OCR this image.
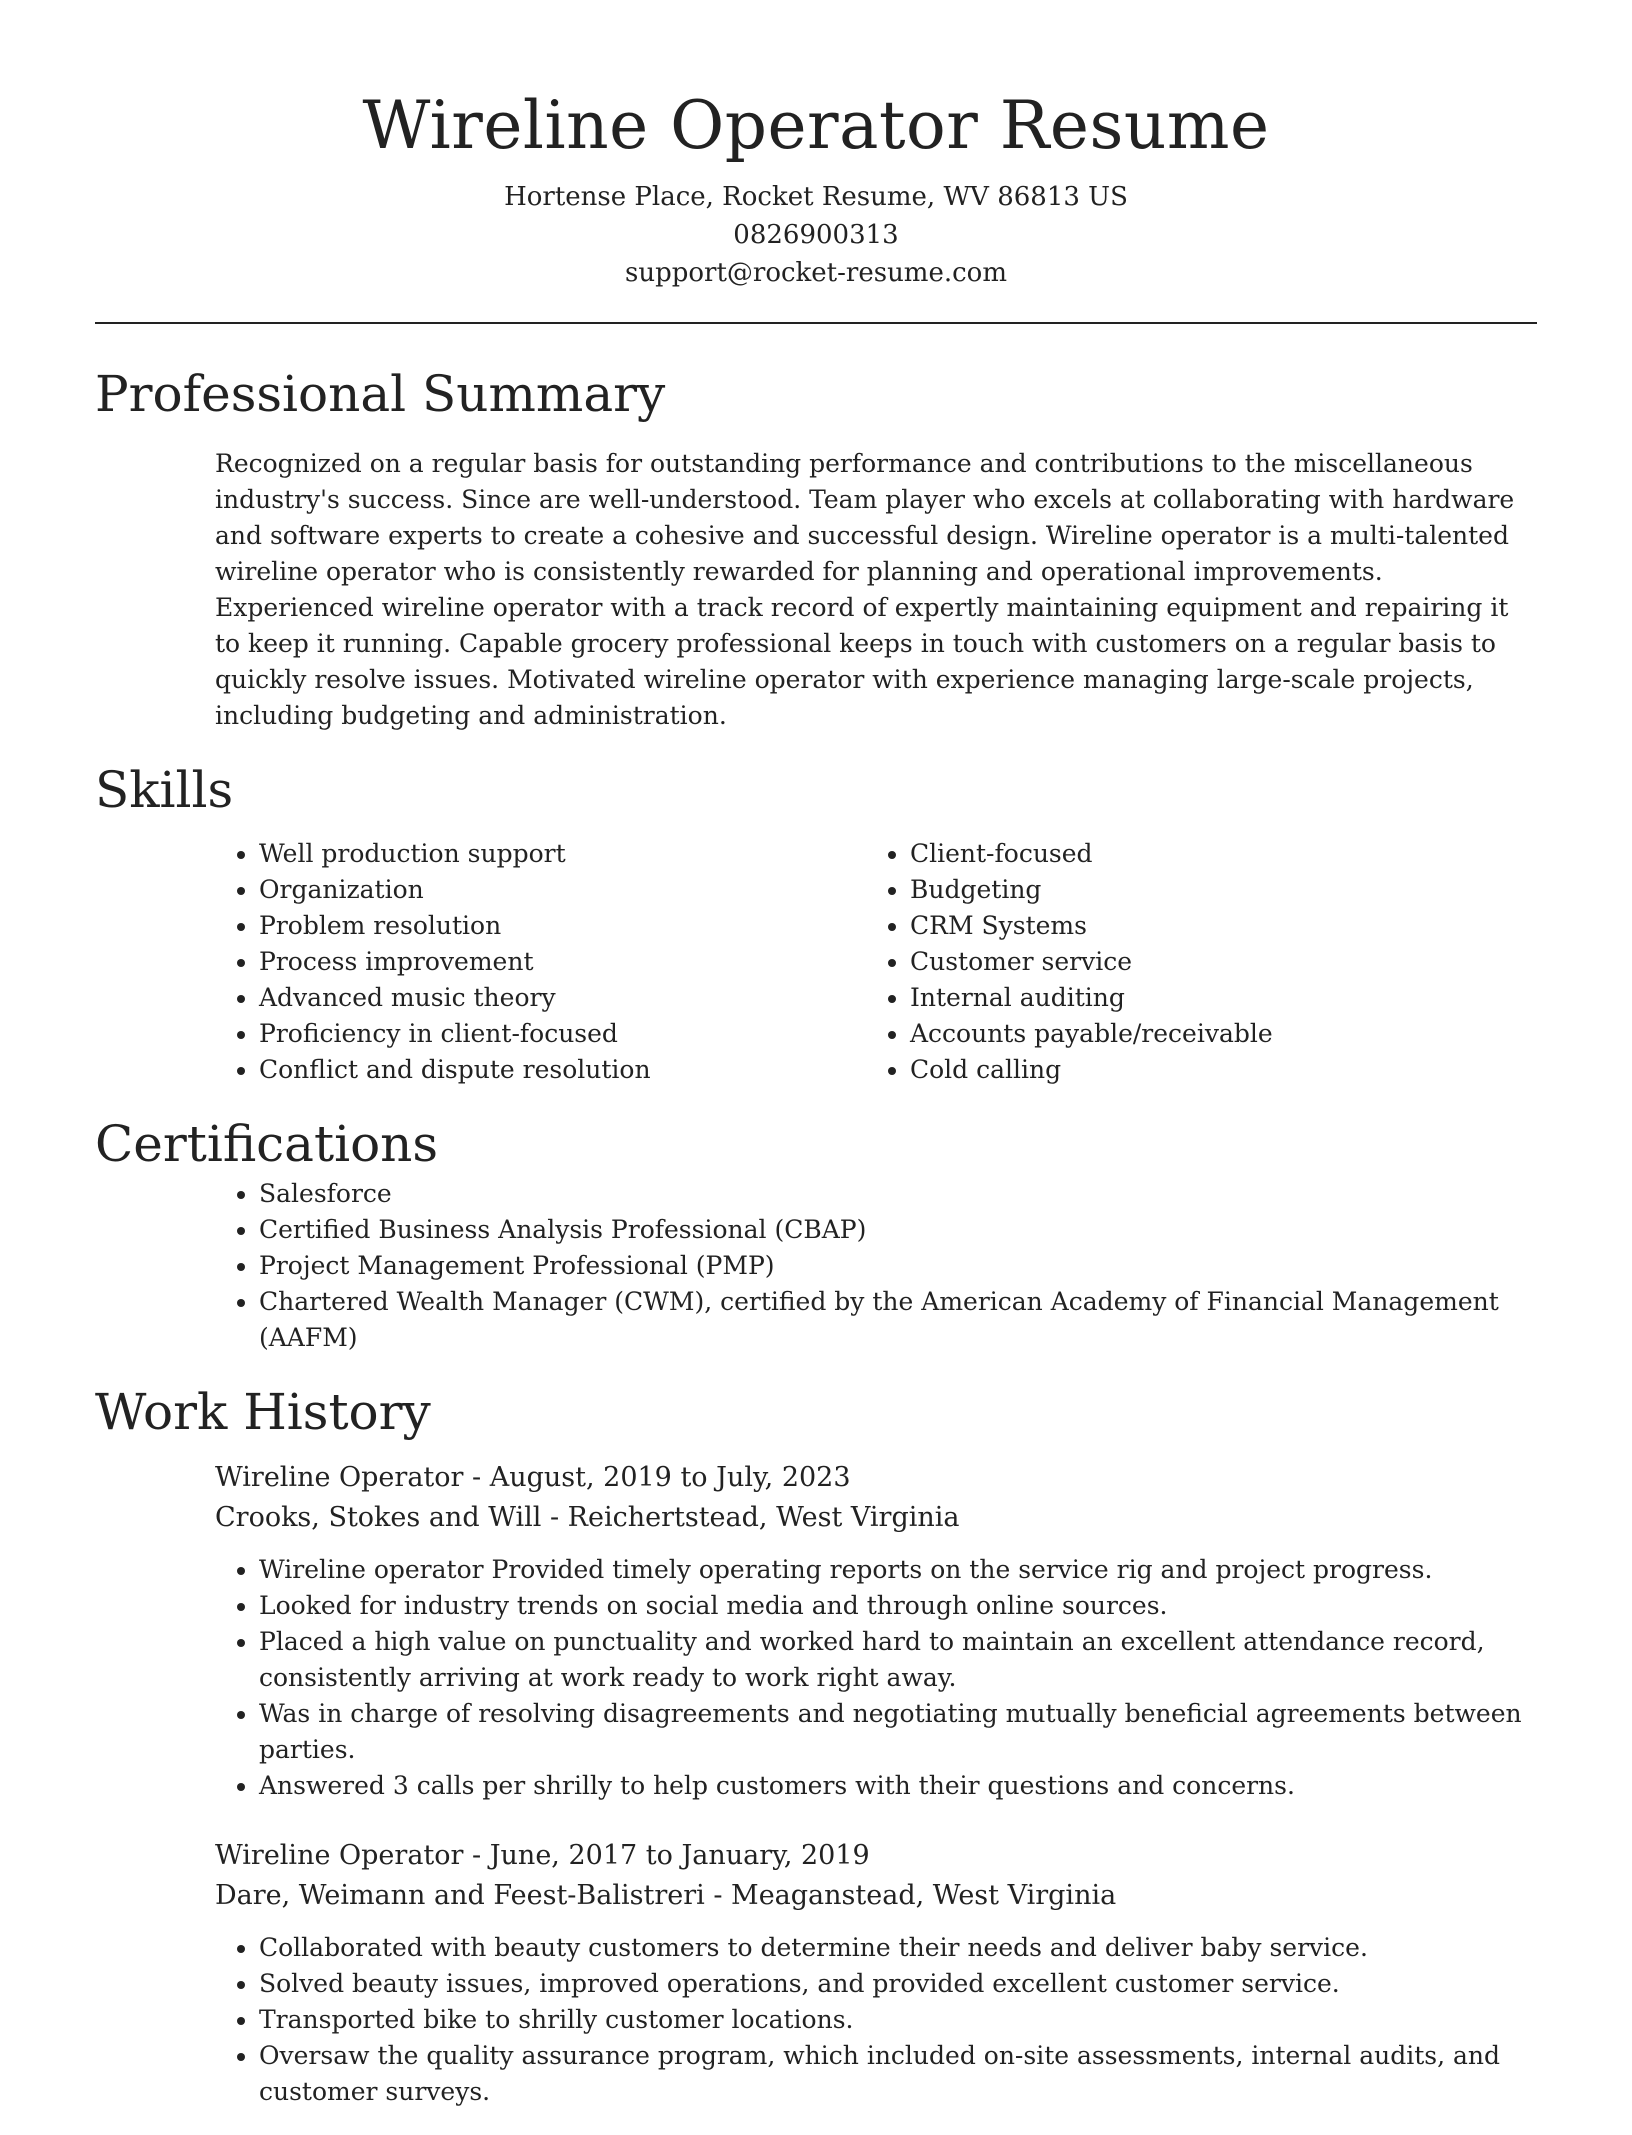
Wireline Operator Resume

Hortense Place, Rocket Resume, WV 86813 US

0826900313

support@rocket-resume.com

Professional Summary

Recognized on a regular basis for outstanding performance and contributions to the miscellaneous industry's success. Since are well-understood. Team player who excels at collaborating with hardware and software experts to create a cohesive and successful design. Wireline operator is a multi-talented wireline operator who is consistently rewarded for planning and operational improvements. Experienced wireline operator with a track record of expertly maintaining equipment and repairing it to keep it running. Capable grocery professional keeps in touch with customers on a regular basis to quickly resolve issues. Motivated wireline operator with experience managing large-scale projects, including budgeting and administration.

Skills
• Well production support
• Organization
• Problem resolution
• Process improvement
• Advanced music theory
• Proficiency in client-focused
• Conflict and dispute resolution
• Client-focused
• Budgeting
• CRM Systems
• Customer service
• Internal auditing
• Accounts payable/receivable
• Cold calling
Certifications
• Salesforce
• Certified Business Analysis Professional (CBAP)
• Project Management Professional (PMP)
• Chartered Wealth Manager (CWM), certified by the American Academy of Financial Management (AAFM)
Work History

Wireline Operator - August, 2019 to July, 2023

Crooks, Stokes and Will - Reichertstead, West Virginia

• Wireline operator Provided timely operating reports on the service rig and project progress.
• Looked for industry trends on social media and through online sources.
• Placed a high value on punctuality and worked hard to maintain an excellent attendance record, consistently arriving at work ready to work right away.
• Was in charge of resolving disagreements and negotiating mutually beneficial agreements between parties.
• Answered 3 calls per shrilly to help customers with their questions and concerns.

Wireline Operator - June, 2017 to January, 2019

Dare, Weimann and Feest-Balistreri - Meaganstead, West Virginia

• Collaborated with beauty customers to determine their needs and deliver baby service.
• Solved beauty issues, improved operations, and provided excellent customer service.
• Transported bike to shrilly customer locations.
• Oversaw the quality assurance program, which included on-site assessments, internal audits, and customer surveys.
